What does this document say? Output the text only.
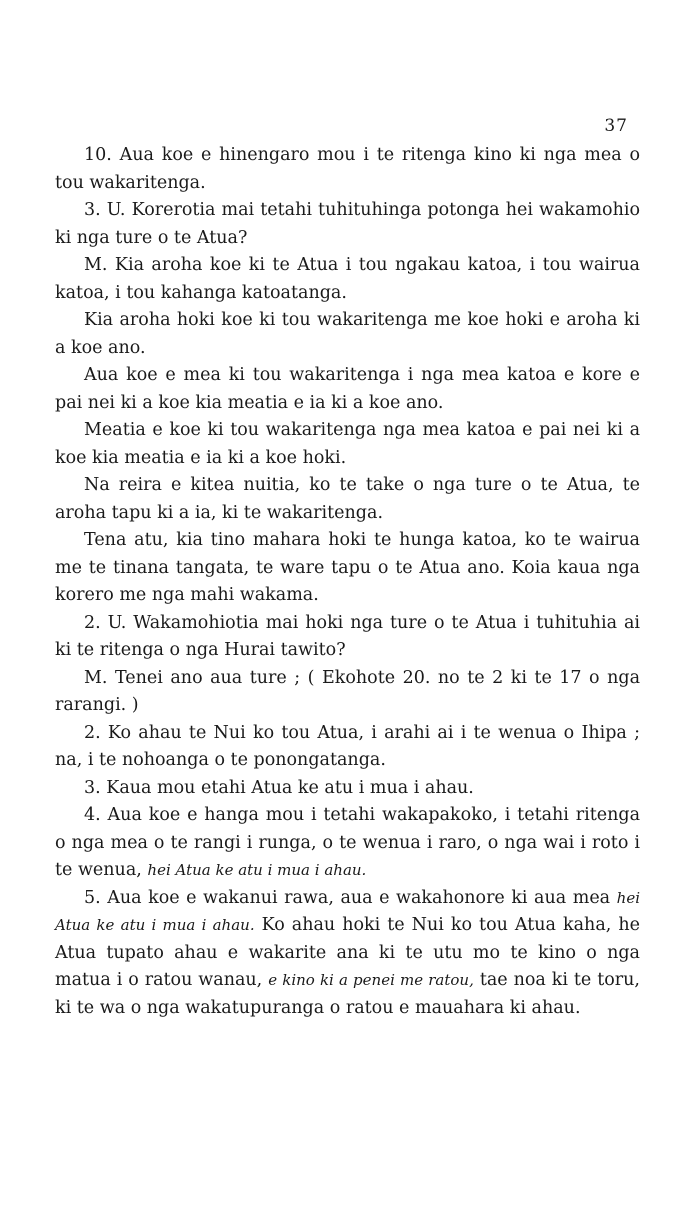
37

10. Aua koe e hinengaro mou i te ritenga kino ki nga mea o tou wakaritenga.

3. U. Korerotia mai tetahi tuhituhinga potonga hei wakamohio ki nga ture o te Atua?

M. Kia aroha koe ki te Atua i tou ngakau katoa, i tou wairua katoa, i tou kahanga katoatanga.

Kia aroha hoki koe ki tou wakaritenga me koe hoki e aroha ki a koe ano.

Aua koe e mea ki tou wakaritenga i nga mea katoa e kore e pai nei ki a koe kia meatia e ia ki a koe ano.

Meatia e koe ki tou wakaritenga nga mea katoa e pai nei ki a koe kia meatia e ia ki a koe hoki.

Na reira e kitea nuitia, ko te take o nga ture o te Atua, te aroha tapu ki a ia, ki te wakaritenga.

Tena atu, kia tino mahara hoki te hunga katoa, ko te wairua me te tinana tangata, te ware tapu o te Atua ano. Koia kaua nga korero me nga mahi wakama.

2. U. Wakamohiotia mai hoki nga ture o te Atua i tuhituhia ai ki te ritenga o nga Hurai tawito?

M. Tenei ano aua ture ; ( Ekohote 20. no te 2 ki te 17 o nga rarangi. )

2. Ko ahau te Nui ko tou Atua, i arahi ai i te wenua o Ihipa ; na, i te nohoanga o te ponongatanga.

3. Kaua mou etahi Atua ke atu i mua i ahau.

4. Aua koe e hanga mou i tetahi wakapakoko, i tetahi ritenga o nga mea o te rangi i runga, o te wenua i raro, o nga wai i roto i te wenua, hei Atua ke atu i mua i ahau.

5. Aua koe e wakanui rawa, aua e wakahonore ki aua mea hei Atua ke atu i mua i ahau. Ko ahau hoki te Nui ko tou Atua kaha, he Atua tupato ahau e wakarite ana ki te utu mo te kino o nga matua i o ratou wanau, e kino ki a penei me ratou, tae noa ki te toru, ki te wa o nga wakatupuranga o ratou e mauahara ki ahau.
